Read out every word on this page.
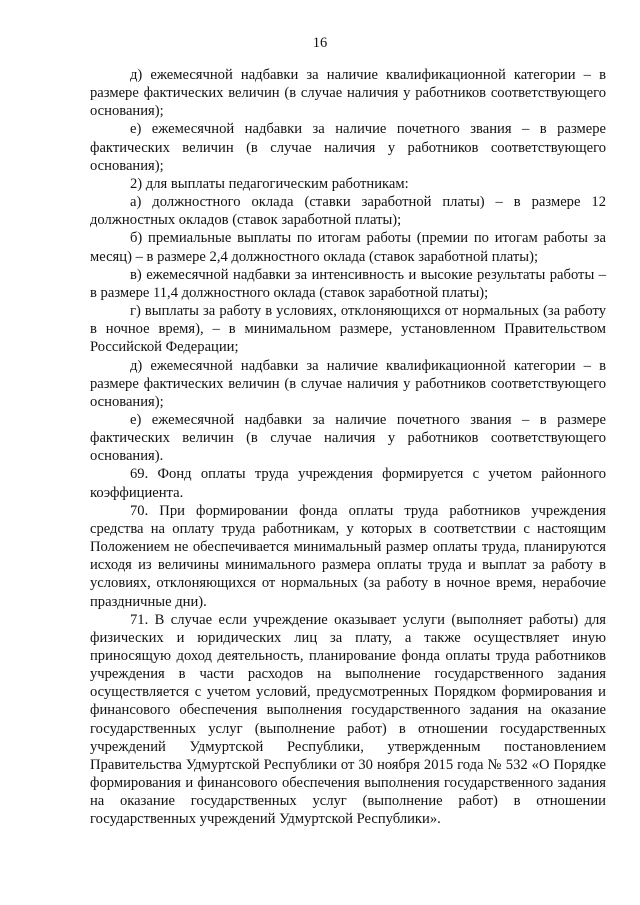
16

д) ежемесячной надбавки за наличие квалификационной категории – в размере фактических величин (в случае наличия у работников соответствующего основания);

е) ежемесячной надбавки за наличие почетного звания – в размере фактических величин (в случае наличия у работников соответствующего основания);

2) для выплаты педагогическим работникам:

а) должностного оклада (ставки заработной платы) – в размере 12 должностных окладов (ставок заработной платы);

б) премиальные выплаты по итогам работы (премии по итогам работы за месяц) – в размере 2,4 должностного оклада (ставок заработной платы);

в) ежемесячной надбавки за интенсивность и высокие результаты работы – в размере 11,4 должностного оклада (ставок заработной платы);

г) выплаты за работу в условиях, отклоняющихся от нормальных (за работу в ночное время), – в минимальном размере, установленном Правительством Российской Федерации;

д) ежемесячной надбавки за наличие квалификационной категории – в размере фактических величин (в случае наличия у работников соответствующего основания);

е) ежемесячной надбавки за наличие почетного звания – в размере фактических величин (в случае наличия у работников соответствующего основания).

69. Фонд оплаты труда учреждения формируется с учетом районного коэффициента.

70. При формировании фонда оплаты труда работников учреждения средства на оплату труда работникам, у которых в соответствии с настоящим Положением не обеспечивается минимальный размер оплаты труда, планируются исходя из величины минимального размера оплаты труда и выплат за работу в условиях, отклоняющихся от нормальных (за работу в ночное время, нерабочие праздничные дни).

71. В случае если учреждение оказывает услуги (выполняет работы) для физических и юридических лиц за плату, а также осуществляет иную приносящую доход деятельность, планирование фонда оплаты труда работников учреждения в части расходов на выполнение государственного задания осуществляется с учетом условий, предусмотренных Порядком формирования и финансового обеспечения выполнения государственного задания на оказание государственных услуг (выполнение работ) в отношении государственных учреждений Удмуртской Республики, утвержденным постановлением Правительства Удмуртской Республики от 30 ноября 2015 года № 532 «О Порядке формирования и финансового обеспечения выполнения государственного задания на оказание государственных услуг (выполнение работ) в отношении государственных учреждений Удмуртской Республики».
